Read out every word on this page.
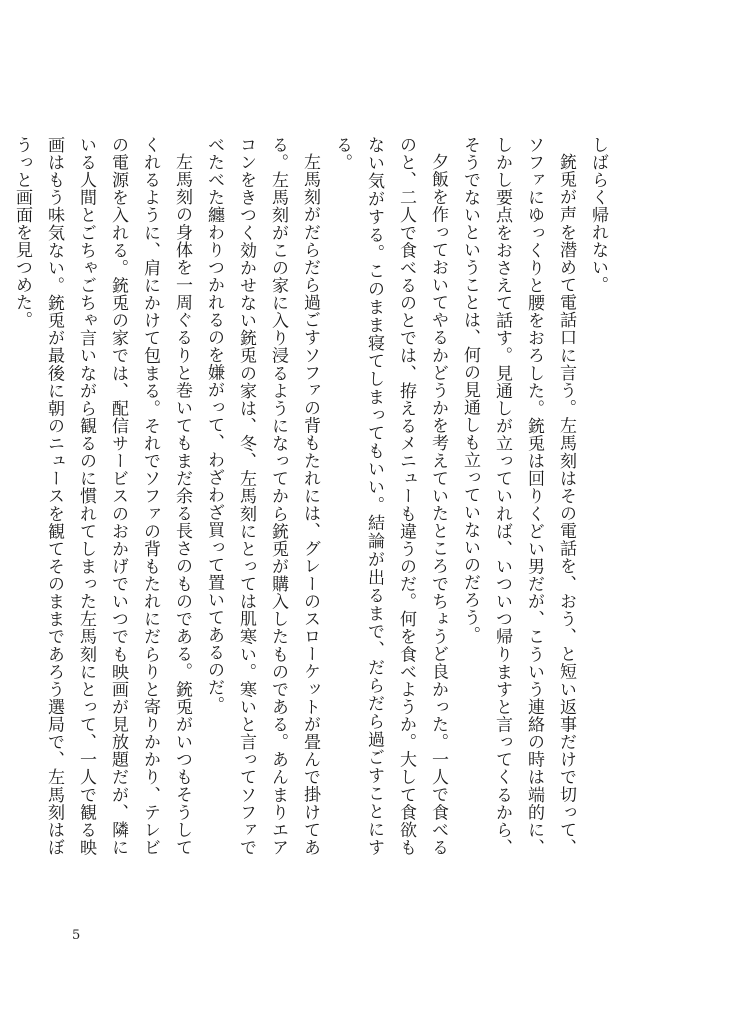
しばらく帰れない。

銃兎が声を潜めて電話口に言う。左馬刻はその電話を、おう、と短い返事だけで切って、ソファにゆっくりと腰をおろした。銃兎は回りくどい男だが、こういう連絡の時は端的に、しかし要点をおさえて話す。見通しが立っていれば、いついつ帰りますと言ってくるから、そうでないということは、何の見通しも立っていないのだろう。

夕飯を作っておいてやるかどうかを考えていたところでちょうど良かった。一人で食べるのと、二人で食べるのとでは、拵えるメニューも違うのだ。何を食べようか。大して食欲もない気がする。このまま寝てしまってもいい。結論が出るまで、だらだら過ごすことにする。

左馬刻がだらだら過ごすソファの背もたれには、グレーのスローケットが畳んで掛けてある。左馬刻がこの家に入り浸るようになってから銃兎が購入したものである。あんまりエアコンをきつく効かせない銃兎の家は、冬、左馬刻にとっては肌寒い。寒いと言ってソファでべたべた纏わりつかれるのを嫌がって、わざわざ買って置いてあるのだ。

左馬刻の身体を一周ぐるりと巻いてもまだ余る長さのものである。銃兎がいつもそうしてくれるように、肩にかけて包まる。それでソファの背もたれにだらりと寄りかかり、テレビの電源を入れる。銃兎の家では、配信サービスのおかげでいつでも映画が見放題だが、隣にいる人間とごちゃごちゃ言いながら観るのに慣れてしまった左馬刻にとって、一人で観る映画はもう味気ない。銃兎が最後に朝のニュースを観てそのままであろう選局で、左馬刻はぼうっと画面を見つめた。

5
